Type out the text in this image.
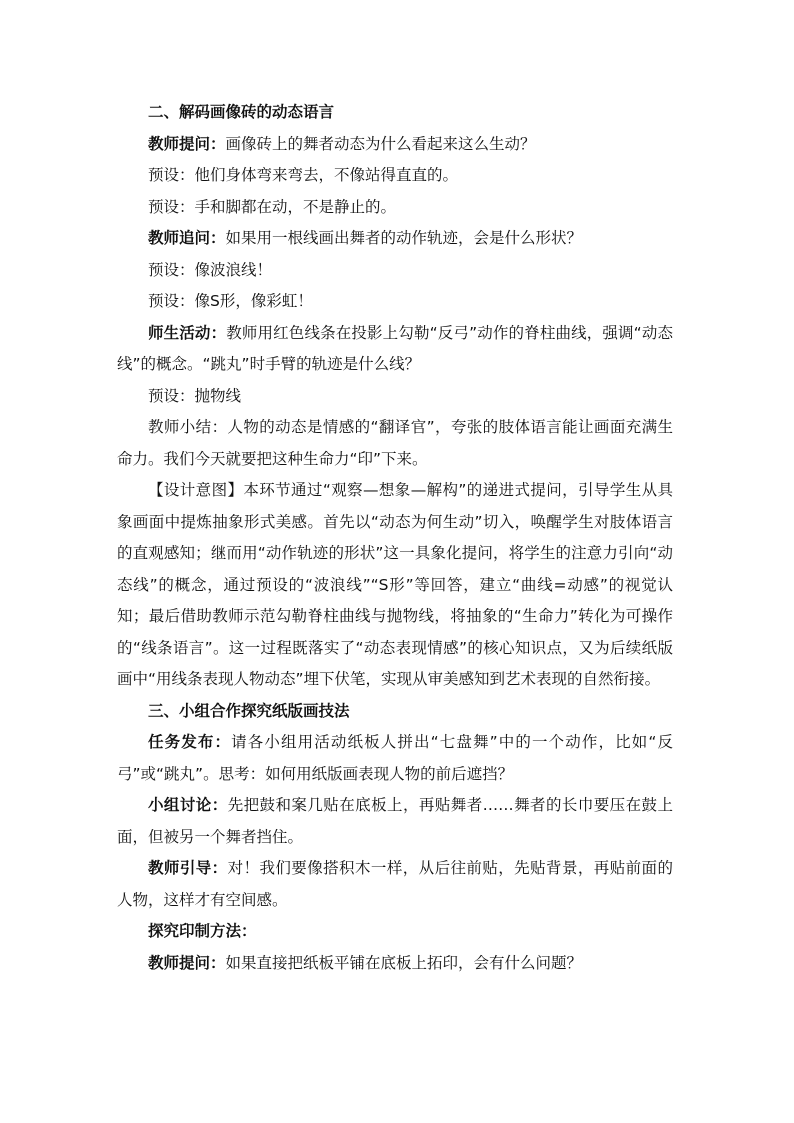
二、解码画像砖的动态语言

教师提问：画像砖上的舞者动态为什么看起来这么生动？

预设：他们身体弯来弯去，不像站得直直的。

预设：手和脚都在动，不是静止的。

教师追问：如果用一根线画出舞者的动作轨迹，会是什么形状？

预设：像波浪线！

预设：像S形，像彩虹！

师生活动：教师用红色线条在投影上勾勒“反弓”动作的脊柱曲线，强调“动态线”的概念。“跳丸”时手臂的轨迹是什么线？

预设：抛物线

教师小结：人物的动态是情感的“翻译官”，夸张的肢体语言能让画面充满生命力。我们今天就要把这种生命力“印”下来。

【设计意图】本环节通过“观察—想象—解构”的递进式提问，引导学生从具象画面中提炼抽象形式美感。首先以“动态为何生动”切入，唤醒学生对肢体语言的直观感知；继而用“动作轨迹的形状”这一具象化提问，将学生的注意力引向“动态线”的概念，通过预设的“波浪线”“S形”等回答，建立“曲线=动感”的视觉认知；最后借助教师示范勾勒脊柱曲线与抛物线，将抽象的“生命力”转化为可操作的“线条语言”。这一过程既落实了“动态表现情感”的核心知识点，又为后续纸版画中“用线条表现人物动态”埋下伏笔，实现从审美感知到艺术表现的自然衔接。

三、小组合作探究纸版画技法

任务发布：请各小组用活动纸板人拼出“七盘舞”中的一个动作，比如“反弓”或“跳丸”。思考：如何用纸版画表现人物的前后遮挡？

小组讨论：先把鼓和案几贴在底板上，再贴舞者……舞者的长巾要压在鼓上面，但被另一个舞者挡住。

教师引导：对！我们要像搭积木一样，从后往前贴，先贴背景，再贴前面的人物，这样才有空间感。

探究印制方法：

教师提问：如果直接把纸板平铺在底板上拓印，会有什么问题？
